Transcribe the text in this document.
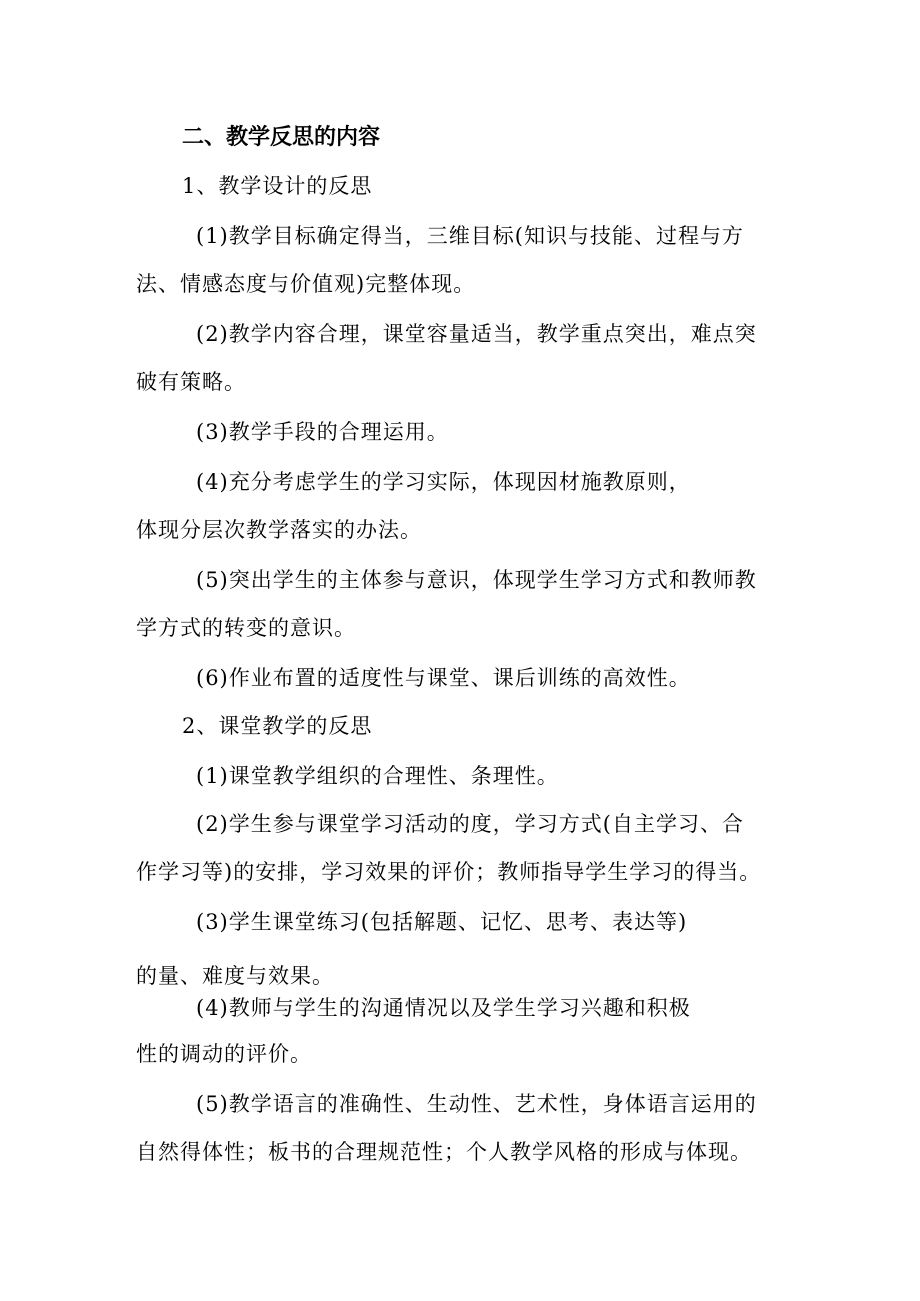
二、教学反思的内容
1、教学设计的反思
(1)教学目标确定得当，三维目标(知识与技能、过程与方
法、情感态度与价值观)完整体现。
(2)教学内容合理，课堂容量适当，教学重点突出，难点突
破有策略。
(3)教学手段的合理运用。
(4)充分考虑学生的学习实际，体现因材施教原则，
体现分层次教学落实的办法。
(5)突出学生的主体参与意识，体现学生学习方式和教师教
学方式的转变的意识。
(6)作业布置的适度性与课堂、课后训练的高效性。
2、课堂教学的反思
(1)课堂教学组织的合理性、条理性。
(2)学生参与课堂学习活动的度，学习方式(自主学习、合
作学习等)的安排，学习效果的评价；教师指导学生学习的得当。
(3)学生课堂练习(包括解题、记忆、思考、表达等)
的量、难度与效果。
(4)教师与学生的沟通情况以及学生学习兴趣和积极
性的调动的评价。
(5)教学语言的准确性、生动性、艺术性，身体语言运用的
自然得体性；板书的合理规范性；个人教学风格的形成与体现。
